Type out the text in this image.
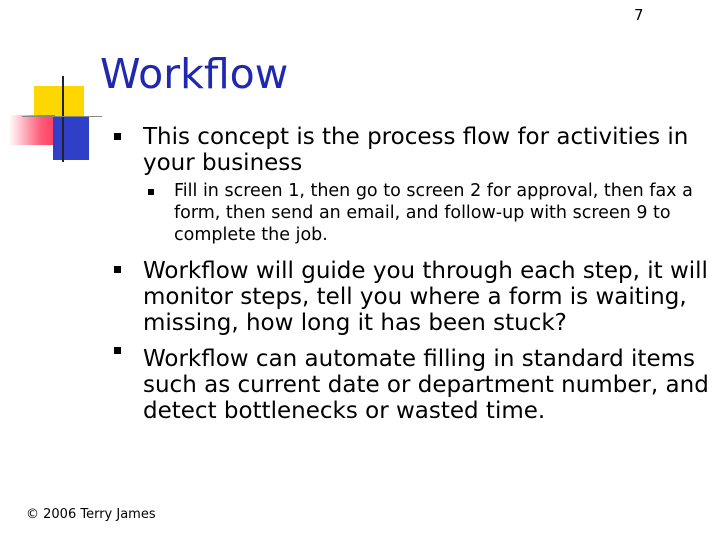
7
Workflow

This concept is the process flow for activities in your business

Fill in screen 1, then go to screen 2 for approval, then fax a form, then send an email, and follow-up with screen 9 to complete the job.

Workflow will guide you through each step, it will monitor steps, tell you where a form is waiting, missing, how long it has been stuck?

Workflow can automate filling in standard items such as current date or department number, and detect bottlenecks or wasted time.

© 2006 Terry James
